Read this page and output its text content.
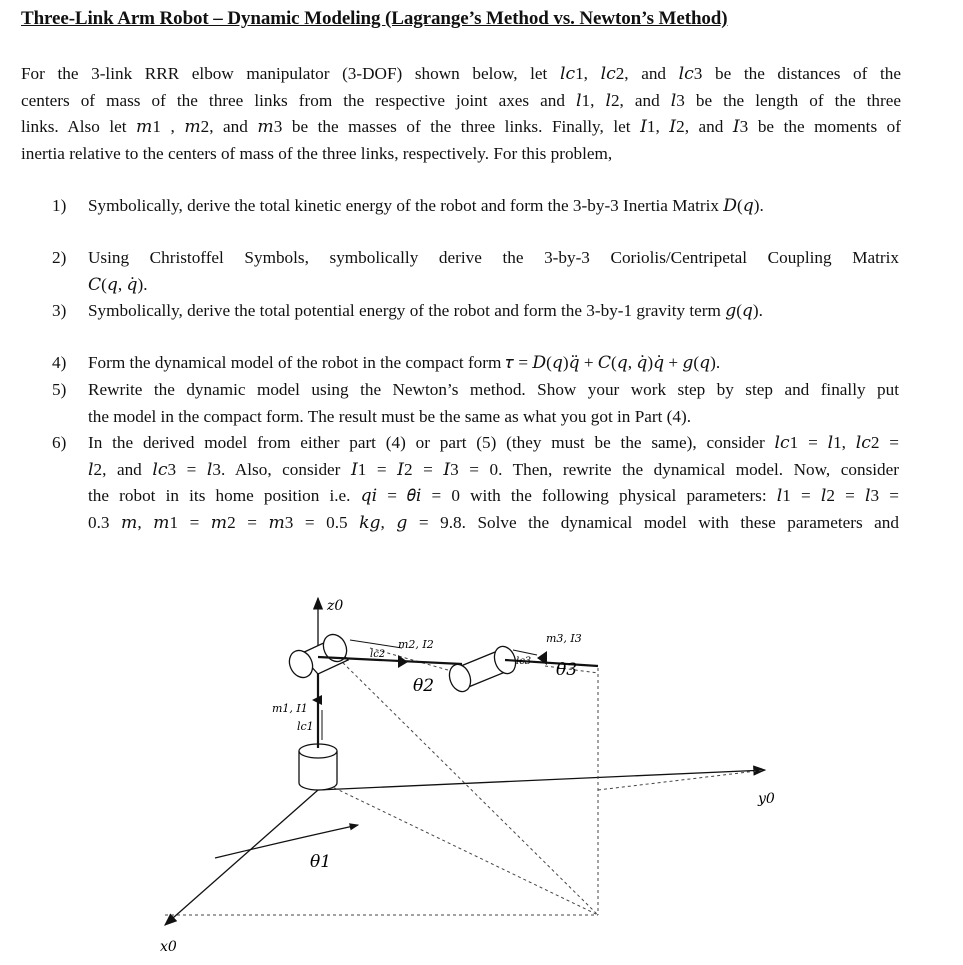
Three-Link Arm Robot – Dynamic Modeling (Lagrange’s Method vs. Newton’s Method)
For the 3-link RRR elbow manipulator (3-DOF) shown below, let 𝑙𝑐1, 𝑙𝑐2, and 𝑙𝑐3 be the distances of the
centers of mass of the three links from the respective joint axes and 𝑙1, 𝑙2, and 𝑙3 be the length of the three
links. Also let 𝑚1 , 𝑚2, and 𝑚3 be the masses of the three links. Finally, let 𝐼1, 𝐼2, and 𝐼3 be the moments of
inertia relative to the centers of mass of the three links, respectively. For this problem,
1) Symbolically, derive the total kinetic energy of the robot and form the 3-by-3 Inertia Matrix 𝐷(𝑞).
2) Using Christoffel Symbols, symbolically derive the 3-by-3 Coriolis/Centripetal Coupling Matrix
𝐶(𝑞, 𝑞̇).
3) Symbolically, derive the total potential energy of the robot and form the 3-by-1 gravity term 𝑔(𝑞).
4) Form the dynamical model of the robot in the compact form 𝜏 = 𝐷(𝑞)𝑞̈ + 𝐶(𝑞, 𝑞̇)𝑞̇ + 𝑔(𝑞).
5) Rewrite the dynamic model using the Newton’s method. Show your work step by step and finally put
the model in the compact form. The result must be the same as what you got in Part (4).
6) In the derived model from either part (4) or part (5) (they must be the same), consider 𝑙𝑐1 = 𝑙1, 𝑙𝑐2 =
𝑙2, and 𝑙𝑐3 = 𝑙3. Also, consider 𝐼1 = 𝐼2 = 𝐼3 = 0. Then, rewrite the dynamical model. Now, consider
the robot in its home position i.e. 𝑞𝑖 = 𝜃𝑖 = 0 with the following physical parameters: 𝑙1 = 𝑙2 = 𝑙3 =
0.3 𝑚, 𝑚1 = 𝑚2 = 𝑚3 = 0.5 𝑘𝑔, 𝑔 = 9.8. Solve the dynamical model with these parameters and
z0
y0
x0
m1, I1
lc1
m2, I2
lc2
m3, I3
lc3
θ1
θ2
θ3
